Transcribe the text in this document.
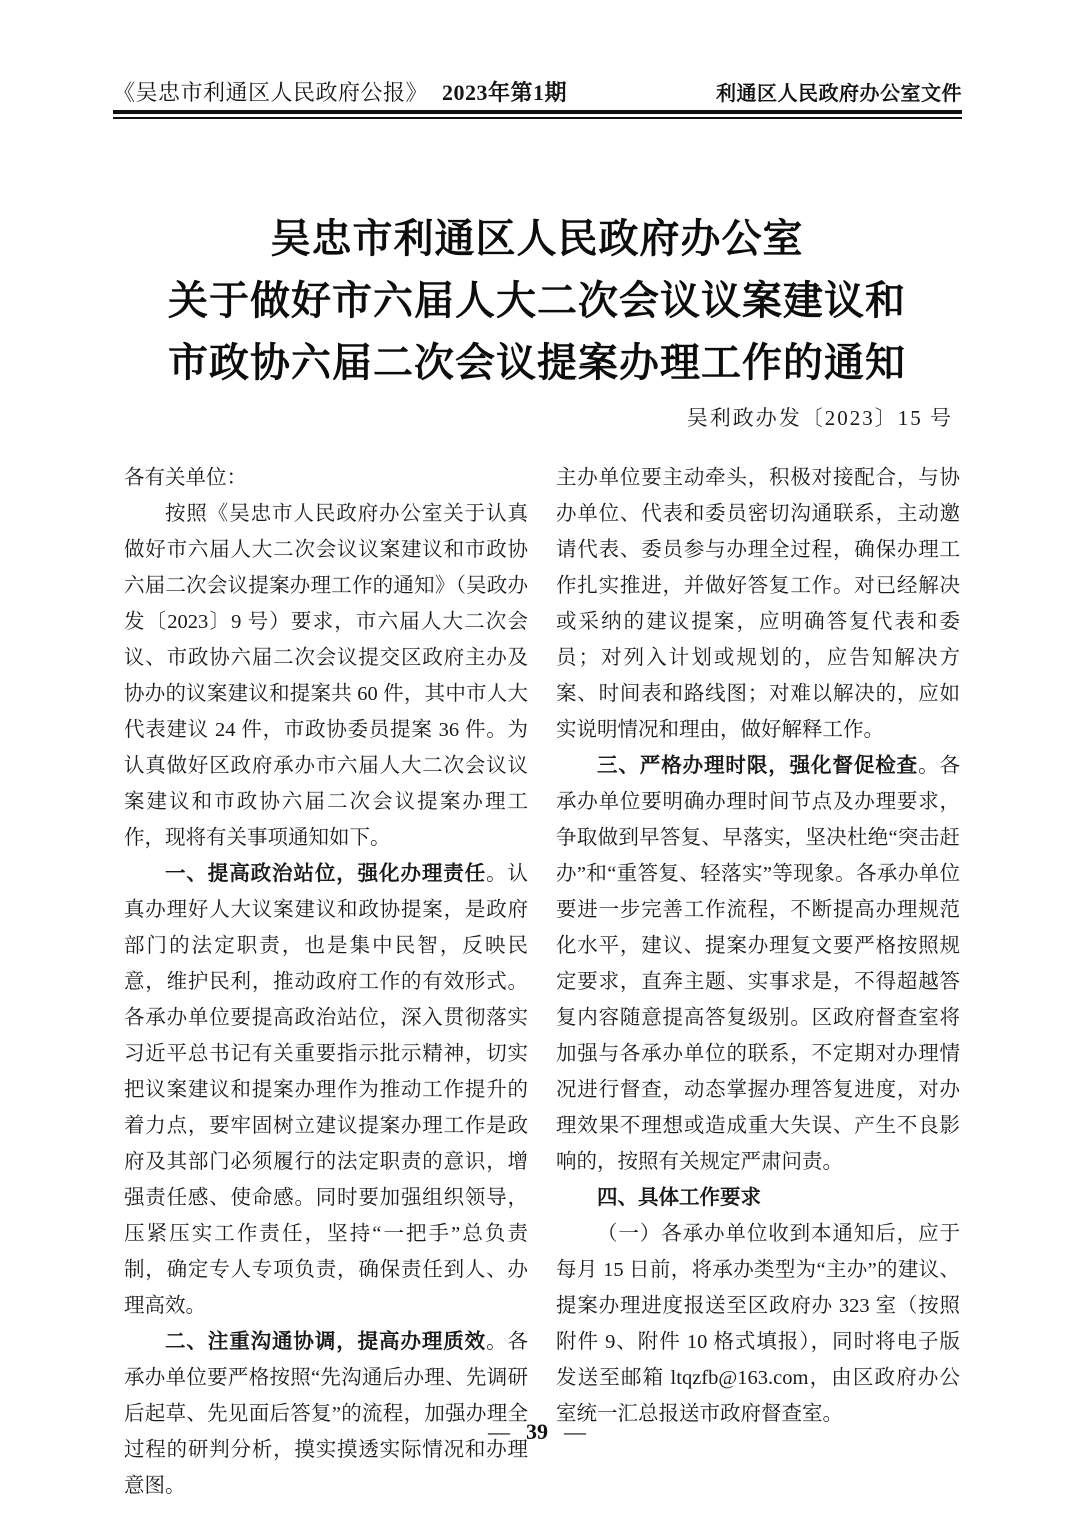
《吴忠市利通区人民政府公报》 2023年第1期	利通区人民政府办公室文件
吴忠市利通区人民政府办公室
关于做好市六届人大二次会议议案建议和
市政协六届二次会议提案办理工作的通知
吴利政办发〔2023〕15 号

各有关单位：

按照《吴忠市人民政府办公室关于认真做好市六届人大二次会议议案建议和市政协六届二次会议提案办理工作的通知》（吴政办发〔2023〕9 号）要求，市六届人大二次会议、市政协六届二次会议提交区政府主办及协办的议案建议和提案共 60 件，其中市人大代表建议 24 件，市政协委员提案 36 件。为认真做好区政府承办市六届人大二次会议议案建议和市政协六届二次会议提案办理工作，现将有关事项通知如下。

一、提高政治站位，强化办理责任。认真办理好人大议案建议和政协提案，是政府部门的法定职责，也是集中民智，反映民意，维护民利，推动政府工作的有效形式。各承办单位要提高政治站位，深入贯彻落实习近平总书记有关重要指示批示精神，切实把议案建议和提案办理作为推动工作提升的着力点，要牢固树立建议提案办理工作是政府及其部门必须履行的法定职责的意识，增强责任感、使命感。同时要加强组织领导，压紧压实工作责任，坚持“一把手”总负责制，确定专人专项负责，确保责任到人、办理高效。

二、注重沟通协调，提高办理质效。各承办单位要严格按照“先沟通后办理、先调研后起草、先见面后答复”的流程，加强办理全过程的研判分析，摸实摸透实际情况和办理意图。

主办单位要主动牵头，积极对接配合，与协办单位、代表和委员密切沟通联系，主动邀请代表、委员参与办理全过程，确保办理工作扎实推进，并做好答复工作。对已经解决或采纳的建议提案，应明确答复代表和委员；对列入计划或规划的，应告知解决方案、时间表和路线图；对难以解决的，应如实说明情况和理由，做好解释工作。

三、严格办理时限，强化督促检查。各承办单位要明确办理时间节点及办理要求，争取做到早答复、早落实，坚决杜绝“突击赶办”和“重答复、轻落实”等现象。各承办单位要进一步完善工作流程，不断提高办理规范化水平，建议、提案办理复文要严格按照规定要求，直奔主题、实事求是，不得超越答复内容随意提高答复级别。区政府督查室将加强与各承办单位的联系，不定期对办理情况进行督查，动态掌握办理答复进度，对办理效果不理想或造成重大失误、产生不良影响的，按照有关规定严肃问责。

四、具体工作要求

（一）各承办单位收到本通知后，应于每月 15 日前，将承办类型为“主办”的建议、提案办理进度报送至区政府办 323 室（按照附件 9、附件 10 格式填报），同时将电子版发送至邮箱 ltqzfb@163.com，由区政府办公室统一汇总报送市政府督查室。

— 39 —
